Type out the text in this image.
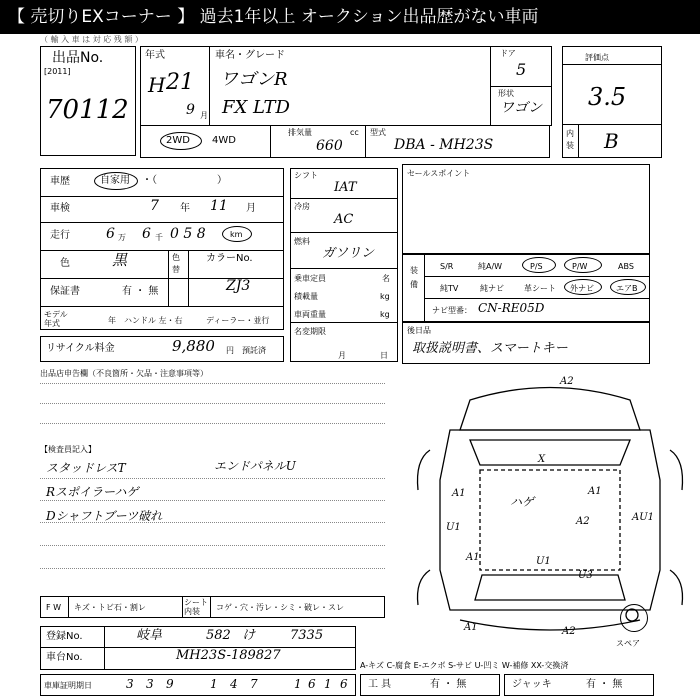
【 売切りEXコーナー 】 過去1年以上 オークション出品歴がない車両
（ 輸 入 車 は 対 応 残 額 ）
出品No.
[2011]
70112
年式
H 21
9 月
車名・グレード
ワゴンR
FX LTD
ドア
5
形状
ワゴン
評価点
3.5
内装 B
2WD 4WD
排気量	cc
660
型式
DBA - MH23S
車歴	自家用 ・（　　　　　　）
車検	7 年 11 月
走行	6 万 6 千 0 5 8	km
色	黒	色替
カラーNo.
ZJ3
保証書	有 ・ 無
モデル年式	年 ハンドル 左・右	ディーラー・並行
リサイクル料金	9,880 円 預託済
シフト
IAT
冷房
AC
燃料
ガソリン
乗車定員	名
積載量	kg
車両重量	kg
名変期限
月	日
セールスポイント
装備
S/R	純A/W	P/S	P/W	ABS
純TV	純ナビ	革シート 外ナビ	エアB
ナビ型番： CN-RE05D
後日品
取扱説明書、スマートキー
出品店申告欄（不良箇所・欠品・注意事項等）
【検査員記入】
スタッドレスT
Rスポイラーハゲ
Dシャフトブーツ破れ
エンドパネルU
A2
A1	A1
U1
A2
A1	U1
U3
A1	A2
AU1
ハゲ
X
スペア
F W キズ・トビ石・割レ
シート内装	コゲ・穴・汚レ・シミ・破レ・スレ
登録No.	岐阜	582 け	7335
車台No.	MH23S-189827
A-キズ C-腐食 E-エクボ S-サビ U-凹ミ W-補修 XX-交換済
車庫証明期日	3 3 9	1 4 7	1 6 1 6 工 具	有 ・ 無	ジャッキ	有 ・ 無
